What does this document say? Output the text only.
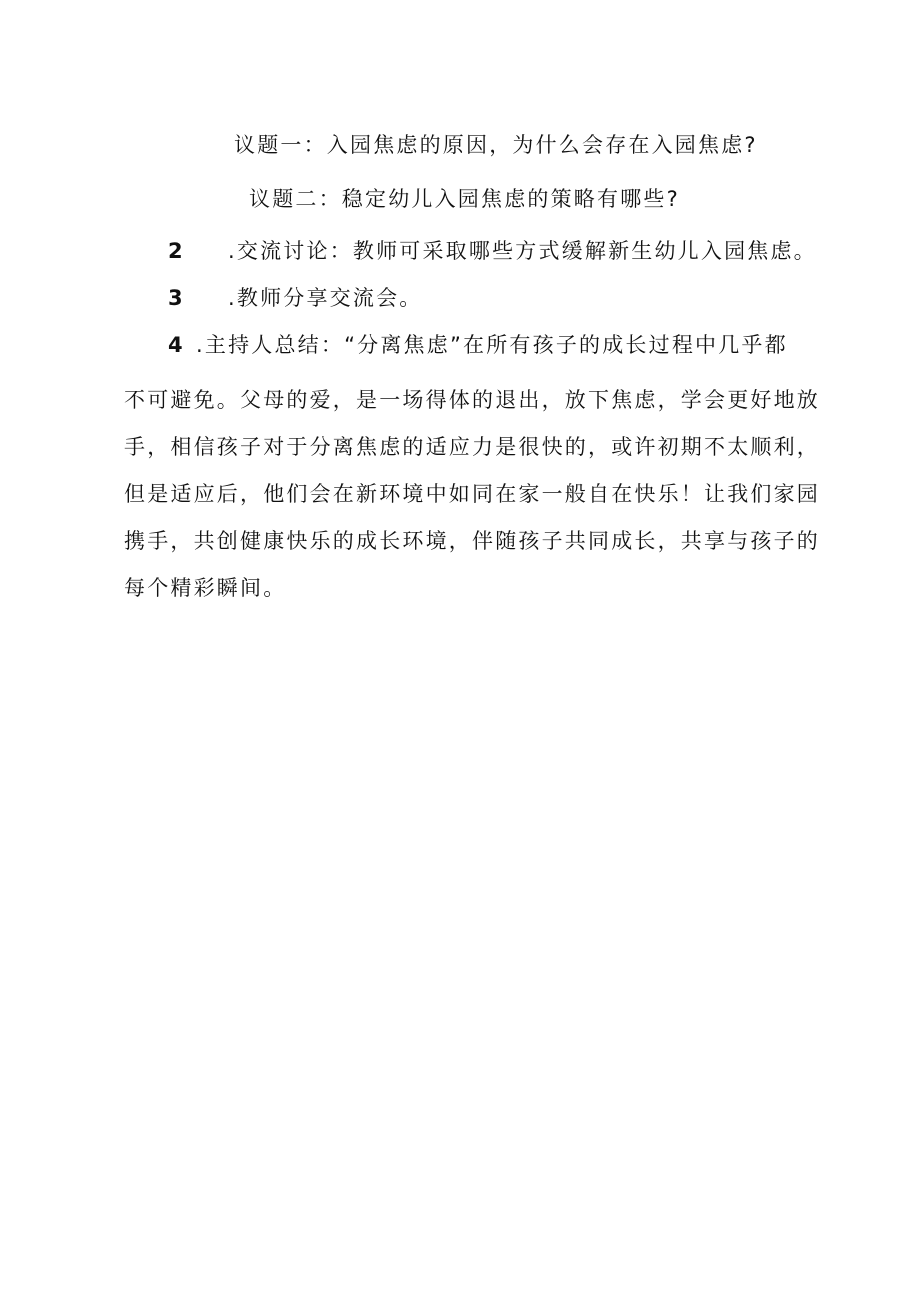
议题一：入园焦虑的原因，为什么会存在入园焦虑?
议题二：稳定幼儿入园焦虑的策略有哪些?
2 .交流讨论：教师可采取哪些方式缓解新生幼儿入园焦虑。
3 .教师分享交流会。
4 .主持人总结：“分离焦虑”在所有孩子的成长过程中几乎都
不可避免。父母的爱，是一场得体的退出，放下焦虑，学会更好地放
手，相信孩子对于分离焦虑的适应力是很快的，或许初期不太顺利，
但是适应后，他们会在新环境中如同在家一般自在快乐！让我们家园
携手，共创健康快乐的成长环境，伴随孩子共同成长，共享与孩子的
每个精彩瞬间。
